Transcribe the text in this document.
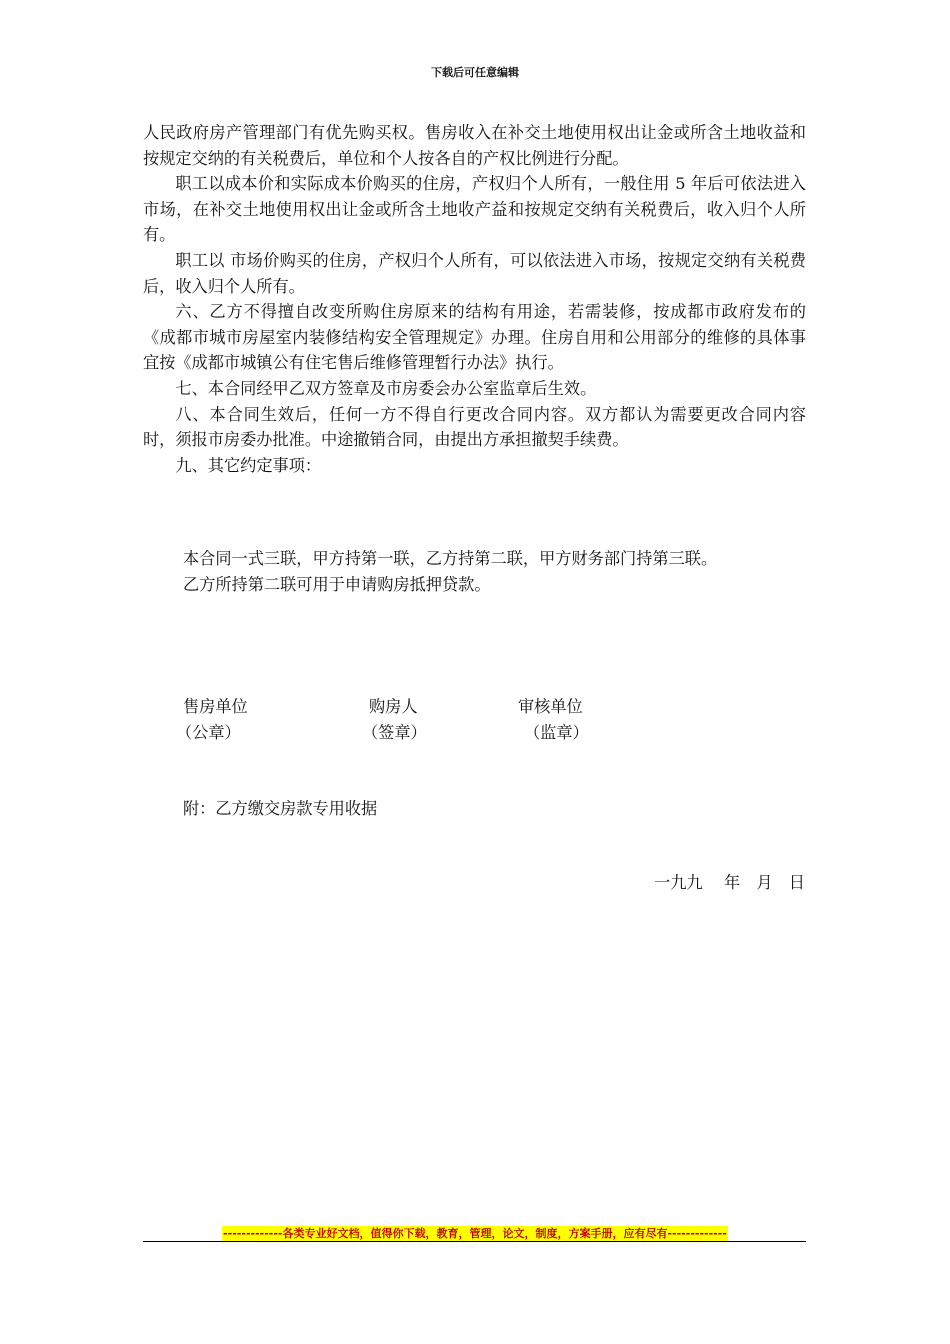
下载后可任意编辑

人民政府房产管理部门有优先购买权。售房收入在补交土地使用权出让金或所含土地收益和按规定交纳的有关税费后，单位和个人按各自的产权比例进行分配。

职工以成本价和实际成本价购买的住房，产权归个人所有，一般住用 5 年后可依法进入市场，在补交土地使用权出让金或所含土地收产益和按规定交纳有关税费后，收入归个人所有。

职工以 市场价购买的住房，产权归个人所有，可以依法进入市场，按规定交纳有关税费后，收入归个人所有。

六、乙方不得擅自改变所购住房原来的结构有用途，若需装修，按成都市政府发布的《成都市城市房屋室内装修结构安全管理规定》办理。住房自用和公用部分的维修的具体事宜按《成都市城镇公有住宅售后维修管理暂行办法》执行。

七、本合同经甲乙双方签章及市房委会办公室监章后生效。

八、本合同生效后，任何一方不得自行更改合同内容。双方都认为需要更改合同内容时，须报市房委办批准。中途撤销合同，由提出方承担撤契手续费。

九、其它约定事项：

本合同一式三联，甲方持第一联，乙方持第二联，甲方财务部门持第三联。

乙方所持第二联可用于申请购房抵押贷款。

售房单位
（公章）
购房人
（签章）
审核单位
（监章）
附：乙方缴交房款专用收据
一九九　 年　月　日
-------------各类专业好文档，值得你下载，教育，管理，论文，制度，方案手册，应有尽有-------------
